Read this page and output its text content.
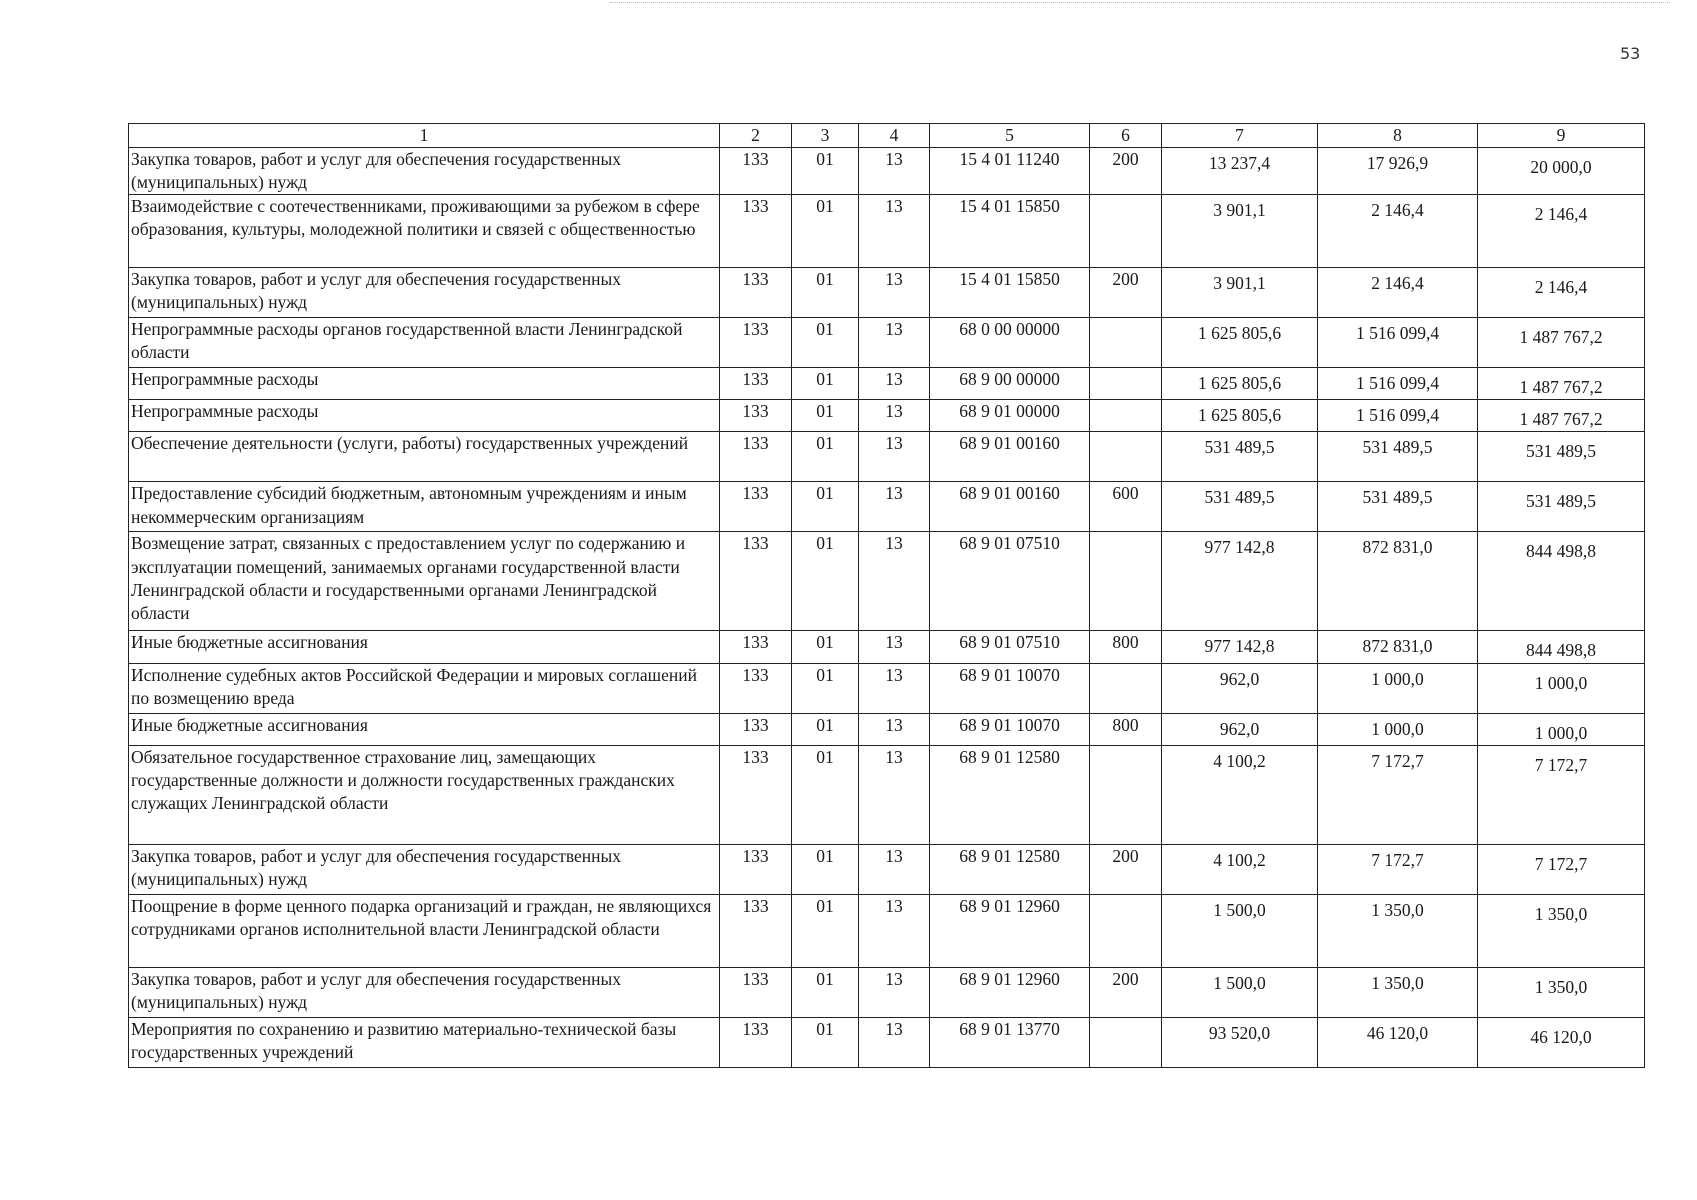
53
1	2	3	4	5	6	7	8	9
Закупка товаров, работ и услуг для обеспечения государственных (муниципальных) нужд	133	01	13	15 4 01 11240	200	13 237,4	17 926,9	20 000,0
Взаимодействие с соотечественниками, проживающими за рубежом в сфере образования, культуры, молодежной политики и связей с общественностью	133	01	13	15 4 01 15850		3 901,1	2 146,4	2 146,4
Закупка товаров, работ и услуг для обеспечения государственных (муниципальных) нужд	133	01	13	15 4 01 15850	200	3 901,1	2 146,4	2 146,4
Непрограммные расходы органов государственной власти Ленинградской области	133	01	13	68 0 00 00000		1 625 805,6	1 516 099,4	1 487 767,2
Непрограммные расходы	133	01	13	68 9 00 00000		1 625 805,6	1 516 099,4	1 487 767,2
Непрограммные расходы	133	01	13	68 9 01 00000		1 625 805,6	1 516 099,4	1 487 767,2
Обеспечение деятельности (услуги, работы) государственных учреждений	133	01	13	68 9 01 00160		531 489,5	531 489,5	531 489,5
Предоставление субсидий бюджетным, автономным учреждениям и иным некоммерческим организациям	133	01	13	68 9 01 00160	600	531 489,5	531 489,5	531 489,5
Возмещение затрат, связанных с предоставлением услуг по содержанию и эксплуатации помещений, занимаемых органами государственной власти Ленинградской области и государственными органами Ленинградской области	133	01	13	68 9 01 07510		977 142,8	872 831,0	844 498,8
Иные бюджетные ассигнования	133	01	13	68 9 01 07510	800	977 142,8	872 831,0	844 498,8
Исполнение судебных актов Российской Федерации и мировых соглашений по возмещению вреда	133	01	13	68 9 01 10070		962,0	1 000,0	1 000,0
Иные бюджетные ассигнования	133	01	13	68 9 01 10070	800	962,0	1 000,0	1 000,0
Обязательное государственное страхование лиц, замещающих государственные должности и должности государственных гражданских служащих Ленинградской области	133	01	13	68 9 01 12580		4 100,2	7 172,7	7 172,7
Закупка товаров, работ и услуг для обеспечения государственных (муниципальных) нужд	133	01	13	68 9 01 12580	200	4 100,2	7 172,7	7 172,7
Поощрение в форме ценного подарка организаций и граждан, не являющихся сотрудниками органов исполнительной власти Ленинградской области	133	01	13	68 9 01 12960		1 500,0	1 350,0	1 350,0
Закупка товаров, работ и услуг для обеспечения государственных (муниципальных) нужд	133	01	13	68 9 01 12960	200	1 500,0	1 350,0	1 350,0
Мероприятия по сохранению и развитию материально-технической базы государственных учреждений	133	01	13	68 9 01 13770		93 520,0	46 120,0	46 120,0
